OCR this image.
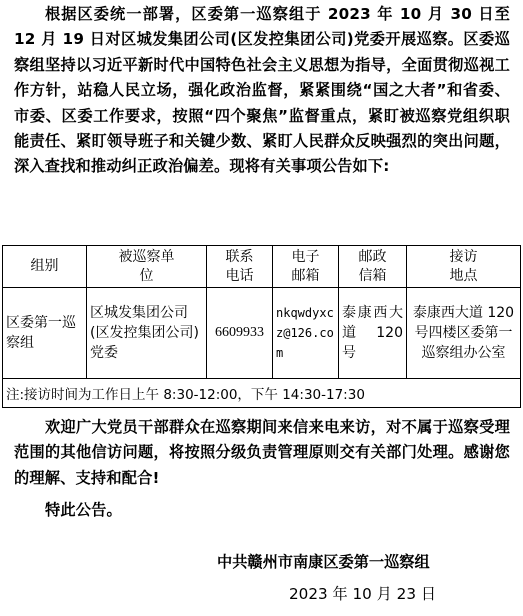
根据区委统一部署，区委第一巡察组于 2023 年 10 月 30 日至 12 月 19 日对区城发集团公司(区发控集团公司)党委开展巡察。区委巡察组坚持以习近平新时代中国特色社会主义思想为指导，全面贯彻巡视工作方针，站稳人民立场，强化政治监督，紧紧围绕“国之大者”和省委、市委、区委工作要求，按照“四个聚焦”监督重点，紧盯被巡察党组织职能责任、紧盯领导班子和关键少数、紧盯人民群众反映强烈的突出问题，深入查找和推动纠正政治偏差。现将有关事项公告如下:

组别	被巡察单位	联系电话	电子邮箱	邮政信箱	接访地点
区委第一巡察组	区城发集团公司(区发控集团公司)党委	6609933	nkqwdyxcz@126.com	泰康西大道 120 号	泰康西大道 120 号四楼区委第一巡察组办公室
注:接访时间为工作日上午 8:30-12:00，下午 14:30-17:30					

欢迎广大党员干部群众在巡察期间来信来电来访，对不属于巡察受理范围的其他信访问题，将按照分级负责管理原则交有关部门处理。感谢您的理解、支持和配合!

特此公告。

中共赣州市南康区委第一巡察组
2023 年 10 月 23 日
